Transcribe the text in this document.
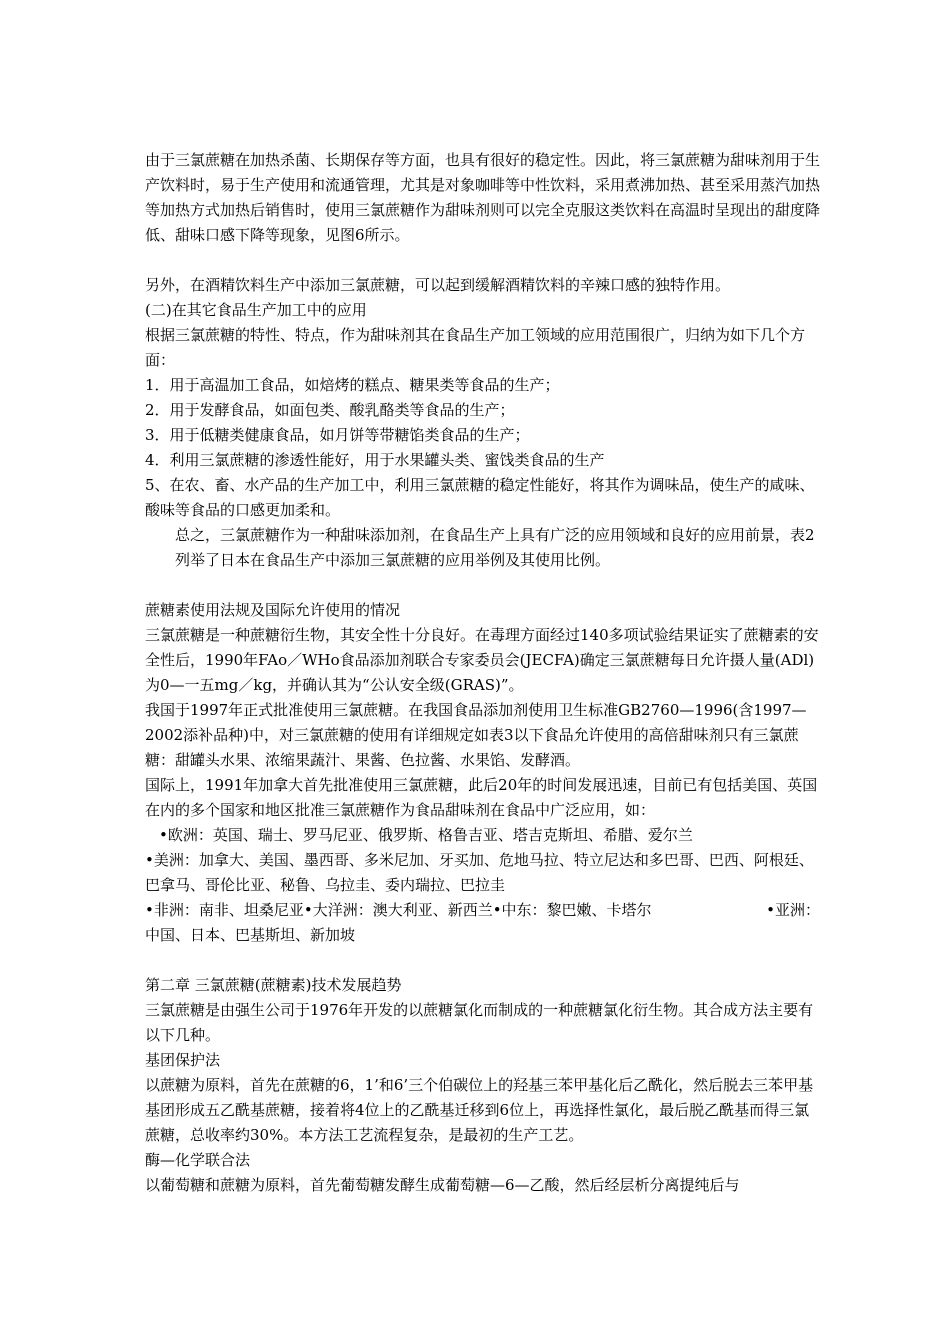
由于三氯蔗糖在加热杀菌、长期保存等方面，也具有很好的稳定性。因此，将三氯蔗糖为甜味剂用于生产饮料时，易于生产使用和流通管理，尤其是对象咖啡等中性饮料，采用煮沸加热、甚至采用蒸汽加热等加热方式加热后销售时，使用三氯蔗糖作为甜味剂则可以完全克服这类饮料在高温时呈现出的甜度降低、甜味口感下降等现象，见图6所示。

另外，在酒精饮料生产中添加三氯蔗糖，可以起到缓解酒精饮料的辛辣口感的独特作用。

(二)在其它食品生产加工中的应用

根据三氯蔗糖的特性、特点，作为甜味剂其在食品生产加工领域的应用范围很广，归纳为如下几个方面：

1．用于高温加工食品，如焙烤的糕点、糖果类等食品的生产；

2．用于发酵食品，如面包类、酸乳酪类等食品的生产；

3．用于低糖类健康食品，如月饼等带糖馅类食品的生产；

4．利用三氯蔗糖的渗透性能好，用于水果罐头类、蜜饯类食品的生产

5、在农、畜、水产品的生产加工中，利用三氯蔗糖的稳定性能好，将其作为调味品，使生产的咸味、酸味等食品的口感更加柔和。

总之，三氯蔗糖作为一种甜味添加剂，在食品生产上具有广泛的应用领域和良好的应用前景，表2列举了日本在食品生产中添加三氯蔗糖的应用举例及其使用比例。

蔗糖素使用法规及国际允许使用的情况

三氯蔗糖是一种蔗糖衍生物，其安全性十分良好。在毒理方面经过140多项试验结果证实了蔗糖素的安全性后，1990年FAo／WHo食品添加剂联合专家委员会(JECFA)确定三氯蔗糖每日允许摄人量(ADl)为0—一五mg／kg，并确认其为“公认安全级(GRAS)”。

我国于1997年正式批准使用三氯蔗糖。在我国食品添加剂使用卫生标准GB2760—1996(含1997—2002添补品种)中，对三氯蔗糖的使用有详细规定如表3以下食品允许使用的高倍甜味剂只有三氯蔗糖：甜罐头水果、浓缩果蔬汁、果酱、色拉酱、水果馅、发酵酒。

国际上，1991年加拿大首先批准使用三氯蔗糖，此后20年的时间发展迅速，目前已有包括美国、英国在内的多个国家和地区批准三氯蔗糖作为食品甜味剂在食品中广泛应用，如：

•欧洲：英国、瑞士、罗马尼亚、俄罗斯、格鲁吉亚、塔吉克斯坦、希腊、爱尔兰

•美洲：加拿大、美国、墨西哥、多米尼加、牙买加、危地马拉、特立尼达和多巴哥、巴西、阿根廷、巴拿马、哥伦比亚、秘鲁、乌拉圭、委内瑞拉、巴拉圭

•非洲：南非、坦桑尼亚•大洋洲：澳大利亚、新西兰•中东：黎巴嫩、卡塔尔	•亚洲：

中国、日本、巴基斯坦、新加坡

第二章 三氯蔗糖(蔗糖素)技术发展趋势

三氯蔗糖是由强生公司于1976年开发的以蔗糖氯化而制成的一种蔗糖氯化衍生物。其合成方法主要有以下几种。

基团保护法

以蔗糖为原料，首先在蔗糖的6，1’和6’三个伯碳位上的羟基三苯甲基化后乙酰化，然后脱去三苯甲基基团形成五乙酰基蔗糖，接着将4位上的乙酰基迁移到6位上，再选择性氯化，最后脱乙酰基而得三氯蔗糖，总收率约30%。本方法工艺流程复杂，是最初的生产工艺。

酶—化学联合法

以葡萄糖和蔗糖为原料，首先葡萄糖发酵生成葡萄糖—6—乙酸，然后经层析分离提纯后与
